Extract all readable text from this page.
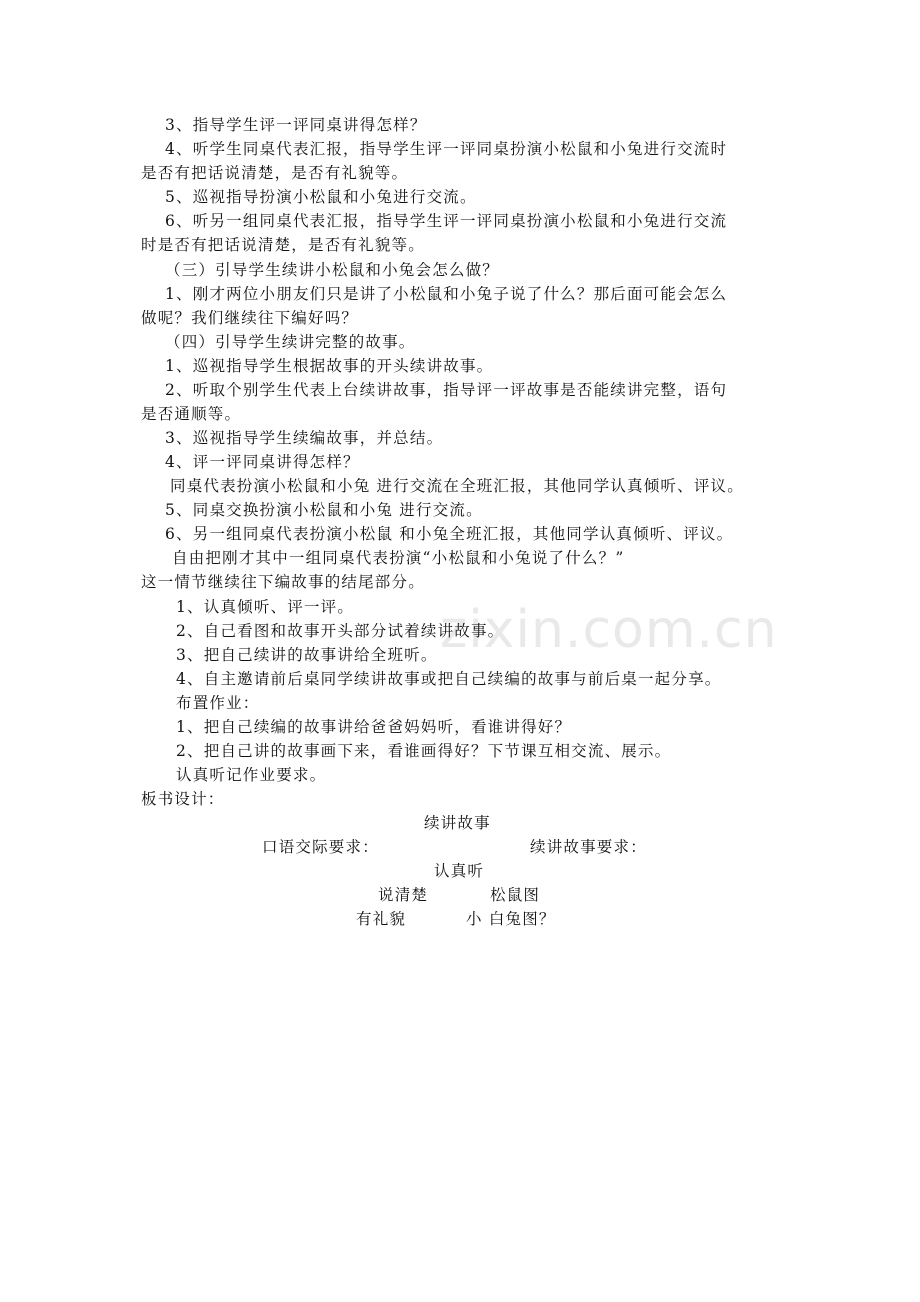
zixin.com.cn
3、指导学生评一评同桌讲得怎样？
4、听学生同桌代表汇报，指导学生评一评同桌扮演小松鼠和小兔进行交流时
是否有把话说清楚，是否有礼貌等。
5、巡视指导扮演小松鼠和小兔进行交流。
6、听另一组同桌代表汇报，指导学生评一评同桌扮演小松鼠和小兔进行交流
时是否有把话说清楚，是否有礼貌等。
（三）引导学生续讲小松鼠和小兔会怎么做？
1、刚才两位小朋友们只是讲了小松鼠和小兔子说了什么？那后面可能会怎么
做呢？我们继续往下编好吗？
（四）引导学生续讲完整的故事。
1、巡视指导学生根据故事的开头续讲故事。
2、听取个别学生代表上台续讲故事，指导评一评故事是否能续讲完整，语句
是否通顺等。
3、巡视指导学生续编故事，并总结。
4、评一评同桌讲得怎样？
同桌代表扮演小松鼠和小兔 进行交流在全班汇报，其他同学认真倾听、评议。
5、同桌交换扮演小松鼠和小兔 进行交流。
6、另一组同桌代表扮演小松鼠 和小兔全班汇报，其他同学认真倾听、评议。
自由把刚才其中一组同桌代表扮演“小松鼠和小兔说了什么？”
这一情节继续往下编故事的结尾部分。
1、认真倾听、评一评。
2、自己看图和故事开头部分试着续讲故事。
3、把自己续讲的故事讲给全班听。
4、自主邀请前后桌同学续讲故事或把自己续编的故事与前后桌一起分享。
布置作业：
1、把自己续编的故事讲给爸爸妈妈听，看谁讲得好？
2、把自己讲的故事画下来，看谁画得好？下节课互相交流、展示。
认真听记作业要求。
板书设计：
续讲故事
口语交际要求：	续讲故事要求：
认真听
说清楚	松鼠图
有礼貌	小 白兔图？
